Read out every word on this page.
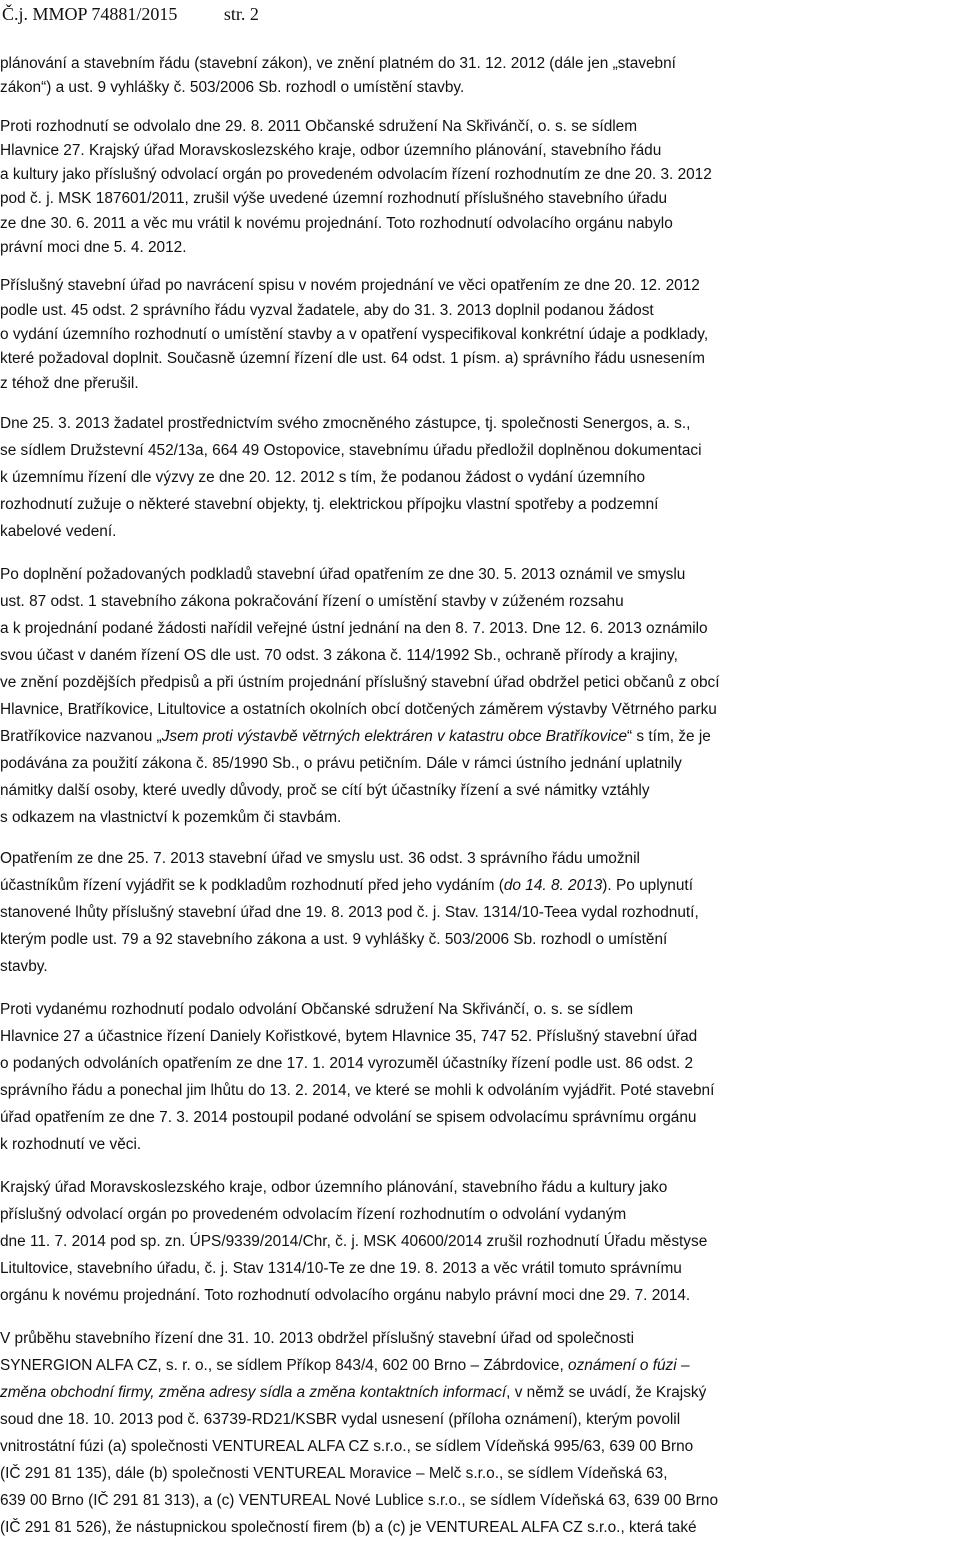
Č.j. MMOP 74881/2015	str. 2
plánování a stavebním řádu (stavební zákon), ve znění platném do 31. 12. 2012 (dále jen „stavební
zákon“) a ust. 9 vyhlášky č. 503/2006 Sb. rozhodl o umístění stavby.
Proti rozhodnutí se odvolalo dne 29. 8. 2011 Občanské sdružení Na Skřivánčí, o. s. se sídlem
Hlavnice 27. Krajský úřad Moravskoslezského kraje, odbor územního plánování, stavebního řádu
a kultury jako příslušný odvolací orgán po provedeném odvolacím řízení rozhodnutím ze dne 20. 3. 2012
pod č. j. MSK 187601/2011, zrušil výše uvedené územní rozhodnutí příslušného stavebního úřadu
ze dne 30. 6. 2011 a věc mu vrátil k novému projednání. Toto rozhodnutí odvolacího orgánu nabylo
právní moci dne 5. 4. 2012.
Příslušný stavební úřad po navrácení spisu v novém projednání ve věci opatřením ze dne 20. 12. 2012
podle ust. 45 odst. 2 správního řádu vyzval žadatele, aby do 31. 3. 2013 doplnil podanou žádost
o vydání územního rozhodnutí o umístění stavby a v opatření vyspecifikoval konkrétní údaje a podklady,
které požadoval doplnit. Současně územní řízení dle ust. 64 odst. 1 písm. a) správního řádu usnesením
z téhož dne přerušil.
Dne 25. 3. 2013 žadatel prostřednictvím svého zmocněného zástupce, tj. společnosti Senergos, a. s.,
se sídlem Družstevní 452/13a, 664 49 Ostopovice, stavebnímu úřadu předložil doplněnou dokumentaci
k územnímu řízení dle výzvy ze dne 20. 12. 2012 s tím, že podanou žádost o vydání územního
rozhodnutí zužuje o některé stavební objekty, tj. elektrickou přípojku vlastní spotřeby a podzemní
kabelové vedení.
Po doplnění požadovaných podkladů stavební úřad opatřením ze dne 30. 5. 2013 oznámil ve smyslu
ust. 87 odst. 1 stavebního zákona pokračování řízení o umístění stavby v zúženém rozsahu
a k projednání podané žádosti nařídil veřejné ústní jednání na den 8. 7. 2013. Dne 12. 6. 2013 oznámilo
svou účast v daném řízení OS dle ust. 70 odst. 3 zákona č. 114/1992 Sb., ochraně přírody a krajiny,
ve znění pozdějších předpisů a při ústním projednání příslušný stavební úřad obdržel petici občanů z obcí
Hlavnice, Bratříkovice, Litultovice a ostatních okolních obcí dotčených záměrem výstavby Větrného parku
Bratříkovice nazvanou „Jsem proti výstavbě větrných elektráren v katastru obce Bratříkovice“ s tím, že je
podávána za použití zákona č. 85/1990 Sb., o právu petičním. Dále v rámci ústního jednání uplatnily
námitky další osoby, které uvedly důvody, proč se cítí být účastníky řízení a své námitky vztáhly
s odkazem na vlastnictví k pozemkům či stavbám.
Opatřením ze dne 25. 7. 2013 stavební úřad ve smyslu ust. 36 odst. 3 správního řádu umožnil
účastníkům řízení vyjádřit se k podkladům rozhodnutí před jeho vydáním (do 14. 8. 2013). Po uplynutí
stanovené lhůty příslušný stavební úřad dne 19. 8. 2013 pod č. j. Stav. 1314/10-Teea vydal rozhodnutí,
kterým podle ust. 79 a 92 stavebního zákona a ust. 9 vyhlášky č. 503/2006 Sb. rozhodl o umístění
stavby.
Proti vydanému rozhodnutí podalo odvolání Občanské sdružení Na Skřivánčí, o. s. se sídlem
Hlavnice 27 a účastnice řízení Daniely Kořistkové, bytem Hlavnice 35, 747 52. Příslušný stavební úřad
o podaných odvoláních opatřením ze dne 17. 1. 2014 vyrozuměl účastníky řízení podle ust. 86 odst. 2
správního řádu a ponechal jim lhůtu do 13. 2. 2014, ve které se mohli k odvoláním vyjádřit. Poté stavební
úřad opatřením ze dne 7. 3. 2014 postoupil podané odvolání se spisem odvolacímu správnímu orgánu
k rozhodnutí ve věci.
Krajský úřad Moravskoslezského kraje, odbor územního plánování, stavebního řádu a kultury jako
příslušný odvolací orgán po provedeném odvolacím řízení rozhodnutím o odvolání vydaným
dne 11. 7. 2014 pod sp. zn. ÚPS/9339/2014/Chr, č. j. MSK 40600/2014 zrušil rozhodnutí Úřadu městyse
Litultovice, stavebního úřadu, č. j. Stav 1314/10-Te ze dne 19. 8. 2013 a věc vrátil tomuto správnímu
orgánu k novému projednání. Toto rozhodnutí odvolacího orgánu nabylo právní moci dne 29. 7. 2014.
V průběhu stavebního řízení dne 31. 10. 2013 obdržel příslušný stavební úřad od společnosti
SYNERGION ALFA CZ, s. r. o., se sídlem Příkop 843/4, 602 00 Brno – Zábrdovice, oznámení o fúzi –
změna obchodní firmy, změna adresy sídla a změna kontaktních informací, v němž se uvádí, že Krajský
soud dne 18. 10. 2013 pod č. 63739-RD21/KSBR vydal usnesení (příloha oznámení), kterým povolil
vnitrostátní fúzi (a) společnosti VENTUREAL ALFA CZ s.r.o., se sídlem Vídeňská 995/63, 639 00 Brno
(IČ 291 81 135), dále (b) společnosti VENTUREAL Moravice – Melč s.r.o., se sídlem Vídeňská 63,
639 00 Brno (IČ 291 81 313), a (c) VENTUREAL Nové Lublice s.r.o., se sídlem Vídeňská 63, 639 00 Brno
(IČ 291 81 526), že nástupnickou společností firem (b) a (c) je VENTUREAL ALFA CZ s.r.o., která také
